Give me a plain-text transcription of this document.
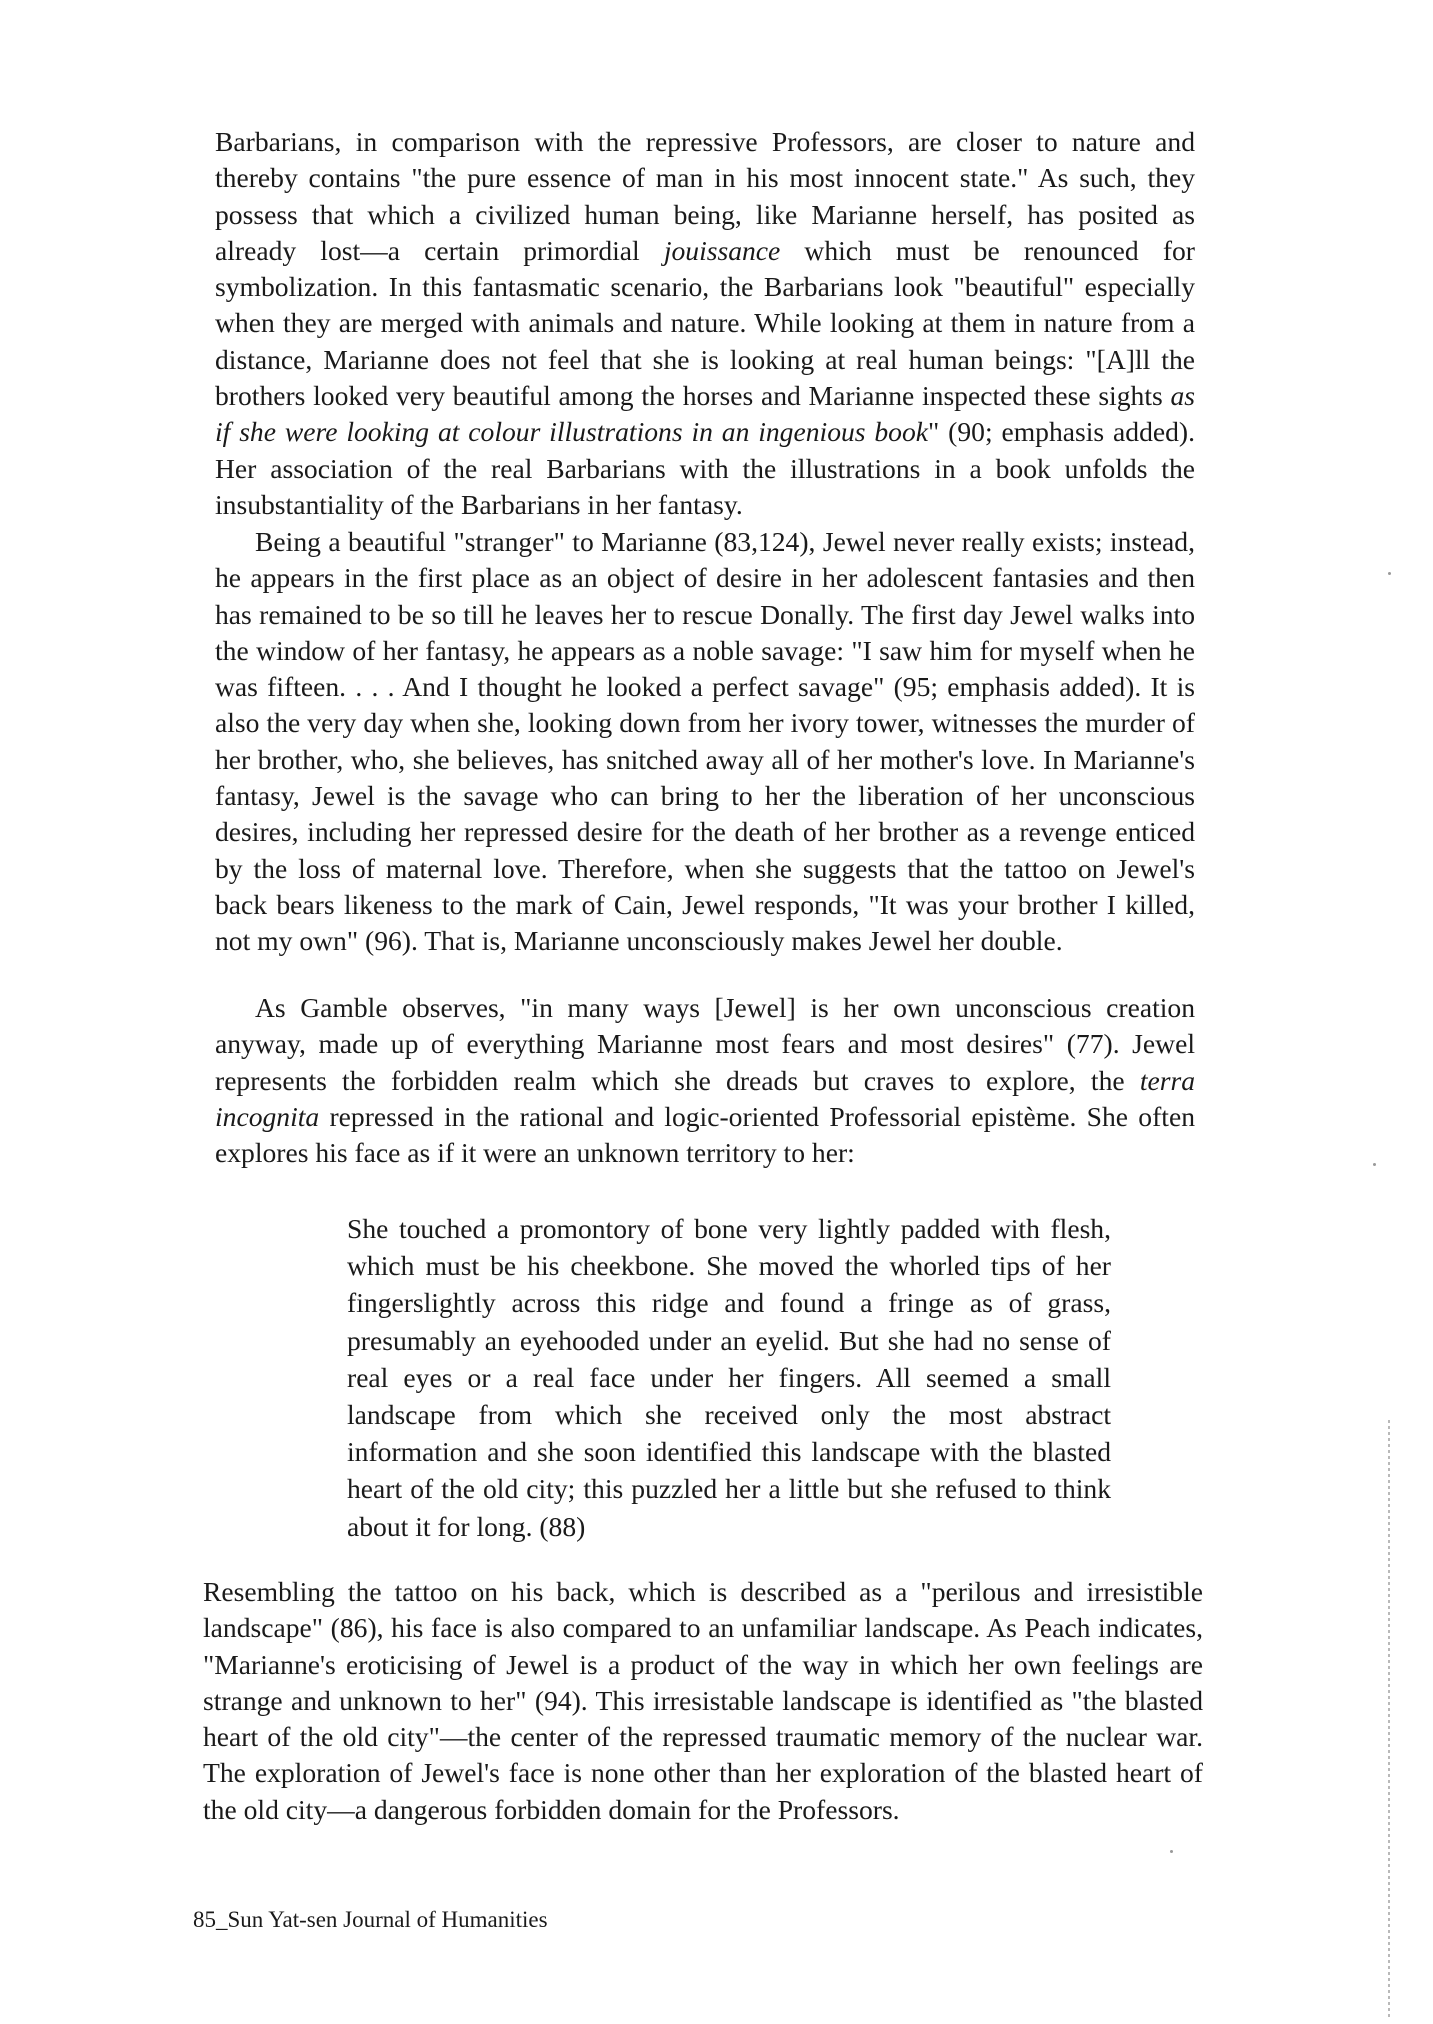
Barbarians, in comparison with the repressive Professors, are closer to nature and thereby contains "the pure essence of man in his most innocent state." As such, they possess that which a civilized human being, like Marianne herself, has posited as already lost—a certain primordial jouissance which must be renounced for symbolization. In this fantasmatic scenario, the Barbarians look "beautiful" especially when they are merged with animals and nature. While looking at them in nature from a distance, Marianne does not feel that she is looking at real human beings: "[A]ll the brothers looked very beautiful among the horses and Marianne inspected these sights as if she were looking at colour illustrations in an ingenious book" (90; emphasis added). Her association of the real Barbarians with the illustrations in a book unfolds the insubstantiality of the Barbarians in her fantasy.

Being a beautiful "stranger" to Marianne (83,124), Jewel never really exists; instead, he appears in the first place as an object of desire in her adolescent fantasies and then has remained to be so till he leaves her to rescue Donally. The first day Jewel walks into the window of her fantasy, he appears as a noble savage: "I saw him for myself when he was fifteen. . . . And I thought he looked a perfect savage" (95; emphasis added). It is also the very day when she, looking down from her ivory tower, witnesses the murder of her brother, who, she believes, has snitched away all of her mother's love. In Marianne's fantasy, Jewel is the savage who can bring to her the liberation of her unconscious desires, including her repressed desire for the death of her brother as a revenge enticed by the loss of maternal love. Therefore, when she suggests that the tattoo on Jewel's back bears likeness to the mark of Cain, Jewel responds, "It was your brother I killed, not my own" (96). That is, Marianne unconsciously makes Jewel her double.

As Gamble observes, "in many ways [Jewel] is her own unconscious creation anyway, made up of everything Marianne most fears and most desires" (77). Jewel represents the forbidden realm which she dreads but craves to explore, the terra incognita repressed in the rational and logic-oriented Professorial epistème. She often explores his face as if it were an unknown territory to her:

She touched a promontory of bone very lightly padded with flesh, which must be his cheekbone. She moved the whorled tips of her fingerslightly across this ridge and found a fringe as of grass, presumably an eyehooded under an eyelid. But she had no sense of real eyes or a real face under her fingers. All seemed a small landscape from which she received only the most abstract information and she soon identified this landscape with the blasted heart of the old city; this puzzled her a little but she refused to think about it for long. (88)

Resembling the tattoo on his back, which is described as a "perilous and irresistible landscape" (86), his face is also compared to an unfamiliar landscape. As Peach indicates, "Marianne's eroticising of Jewel is a product of the way in which her own feelings are strange and unknown to her" (94). This irresistable landscape is identified as "the blasted heart of the old city"—the center of the repressed traumatic memory of the nuclear war. The exploration of Jewel's face is none other than her exploration of the blasted heart of the old city—a dangerous forbidden domain for the Professors.

85_Sun Yat-sen Journal of Humanities
